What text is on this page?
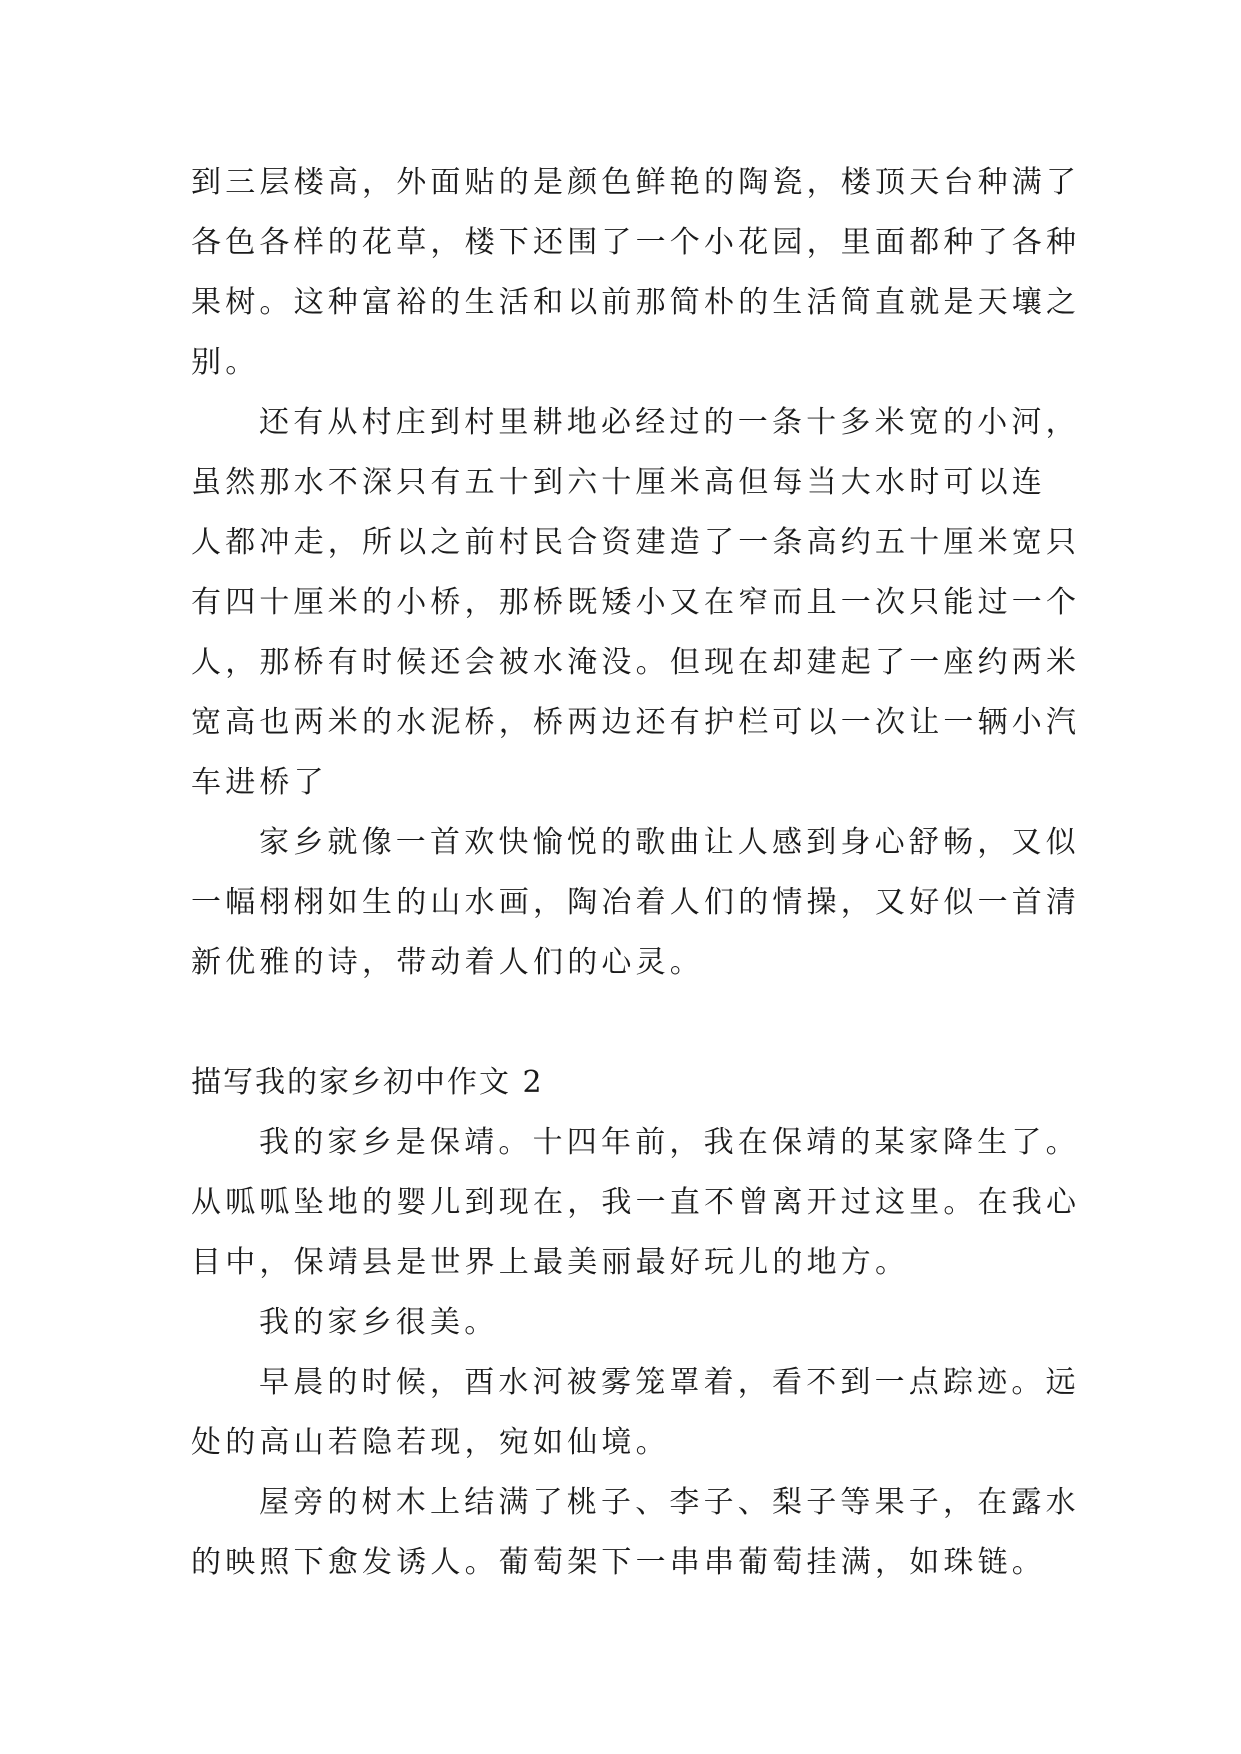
到三层楼高，外面贴的是颜色鲜艳的陶瓷，楼顶天台种满了
各色各样的花草，楼下还围了一个小花园，里面都种了各种
果树。这种富裕的生活和以前那简朴的生活简直就是天壤之
别。

还有从村庄到村里耕地必经过的一条十多米宽的小河，
虽然那水不深只有五十到六十厘米高但每当大水时可以连
人都冲走，所以之前村民合资建造了一条高约五十厘米宽只
有四十厘米的小桥，那桥既矮小又在窄而且一次只能过一个
人，那桥有时候还会被水淹没。但现在却建起了一座约两米
宽高也两米的水泥桥，桥两边还有护栏可以一次让一辆小汽
车进桥了

家乡就像一首欢快愉悦的歌曲让人感到身心舒畅，又似
一幅栩栩如生的山水画，陶冶着人们的情操，又好似一首清
新优雅的诗，带动着人们的心灵。

描写我的家乡初中作文 2

我的家乡是保靖。十四年前，我在保靖的某家降生了。
从呱呱坠地的婴儿到现在，我一直不曾离开过这里。在我心
目中，保靖县是世界上最美丽最好玩儿的地方。

我的家乡很美。

早晨的时候，酉水河被雾笼罩着，看不到一点踪迹。远
处的高山若隐若现，宛如仙境。

屋旁的树木上结满了桃子、李子、梨子等果子，在露水
的映照下愈发诱人。葡萄架下一串串葡萄挂满，如珠链。
